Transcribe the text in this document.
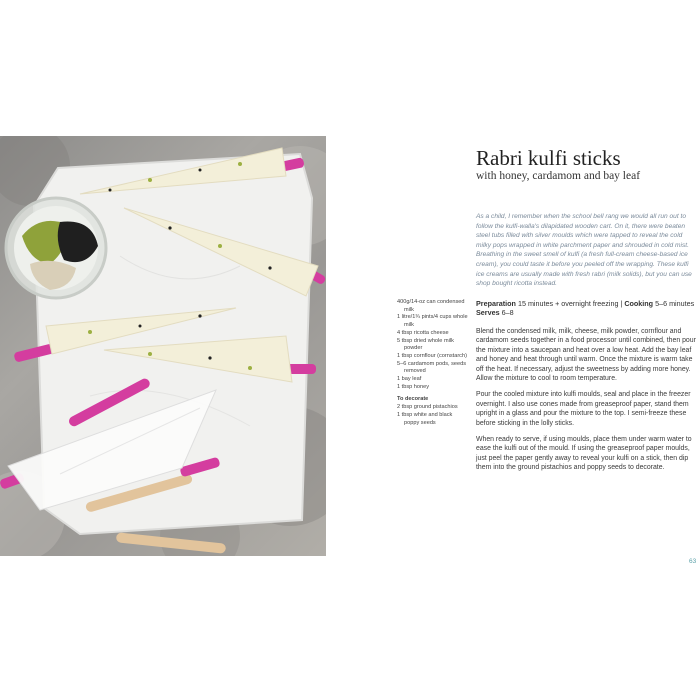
Rabri kulfi sticks
with honey, cardamom and bay leaf
As a child, I remember when the school bell rang we would all run out to follow the kulfi-walla's dilapidated wooden cart. On it, there were beaten steel tubs filled with silver moulds which were tapped to reveal the cold milky pops wrapped in white parchment paper and shrouded in cold mist. Breathing in the sweet smell of kulfi (a fresh full-cream cheese-based ice cream), you could taste it before you peeled off the wrapping. These kulfi ice creams are usually made with fresh rabri (milk solids), but you can use shop bought ricotta instead.
400g/14-oz can condensed milk
1 litre/1¾ pints/4 cups whole milk
4 tbsp ricotta cheese
5 tbsp dried whole milk powder
1 tbsp cornflour (cornstarch)
5–6 cardamom pods, seeds removed
1 bay leaf
1 tbsp honey
To decorate
2 tbsp ground pistachios
1 tbsp white and black poppy seeds
Preparation 15 minutes + overnight freezing | Cooking 5–6 minutes
Serves 6–8

Blend the condensed milk, milk, cheese, milk powder, cornflour and cardamom seeds together in a food processor until combined, then pour the mixture into a saucepan and heat over a low heat. Add the bay leaf and honey and heat through until warm. Once the mixture is warm take off the heat. If necessary, adjust the sweetness by adding more honey. Allow the mixture to cool to room temperature.

Pour the cooled mixture into kulfi moulds, seal and place in the freezer overnight. I also use cones made from greaseproof paper, stand them upright in a glass and pour the mixture to the top. I semi-freeze these before sticking in the lolly sticks.

When ready to serve, if using moulds, place them under warm water to ease the kulfi out of the mould. If using the greaseproof paper moulds, just peel the paper gently away to reveal your kulfi on a stick, then dip them into the ground pistachios and poppy seeds to decorate.

63
